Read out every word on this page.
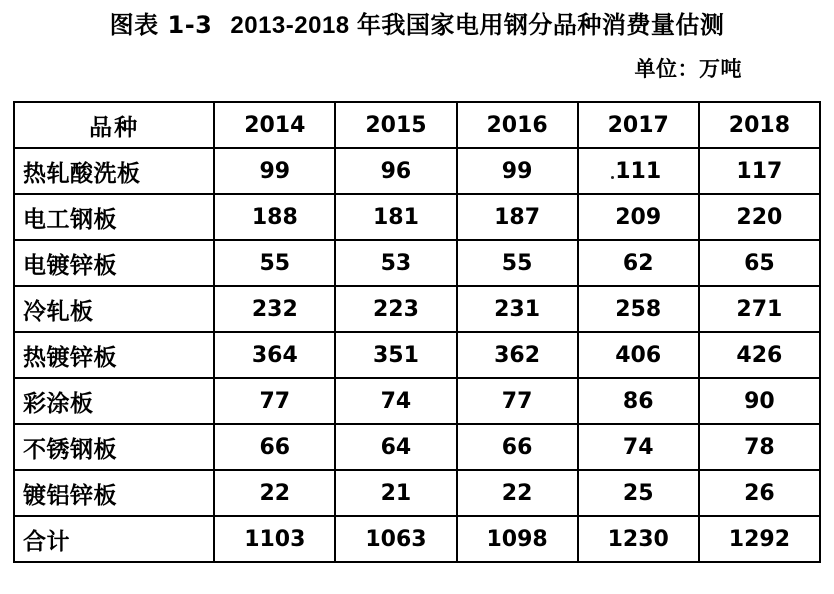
图表 1-3 2013-2018 年我国家电用钢分品种消费量估测
单位：万吨
品种	2014	2015	2016	2017	2018
热轧酸洗板	99	96	99	111	117
电工钢板	188	181	187	209	220
电镀锌板	55	53	55	62	65
冷轧板	232	223	231	258	271
热镀锌板	364	351	362	406	426
彩涂板	77	74	77	86	90
不锈钢板	66	64	66	74	78
镀铝锌板	22	21	22	25	26
合计	1103	1063	1098	1230	1292
